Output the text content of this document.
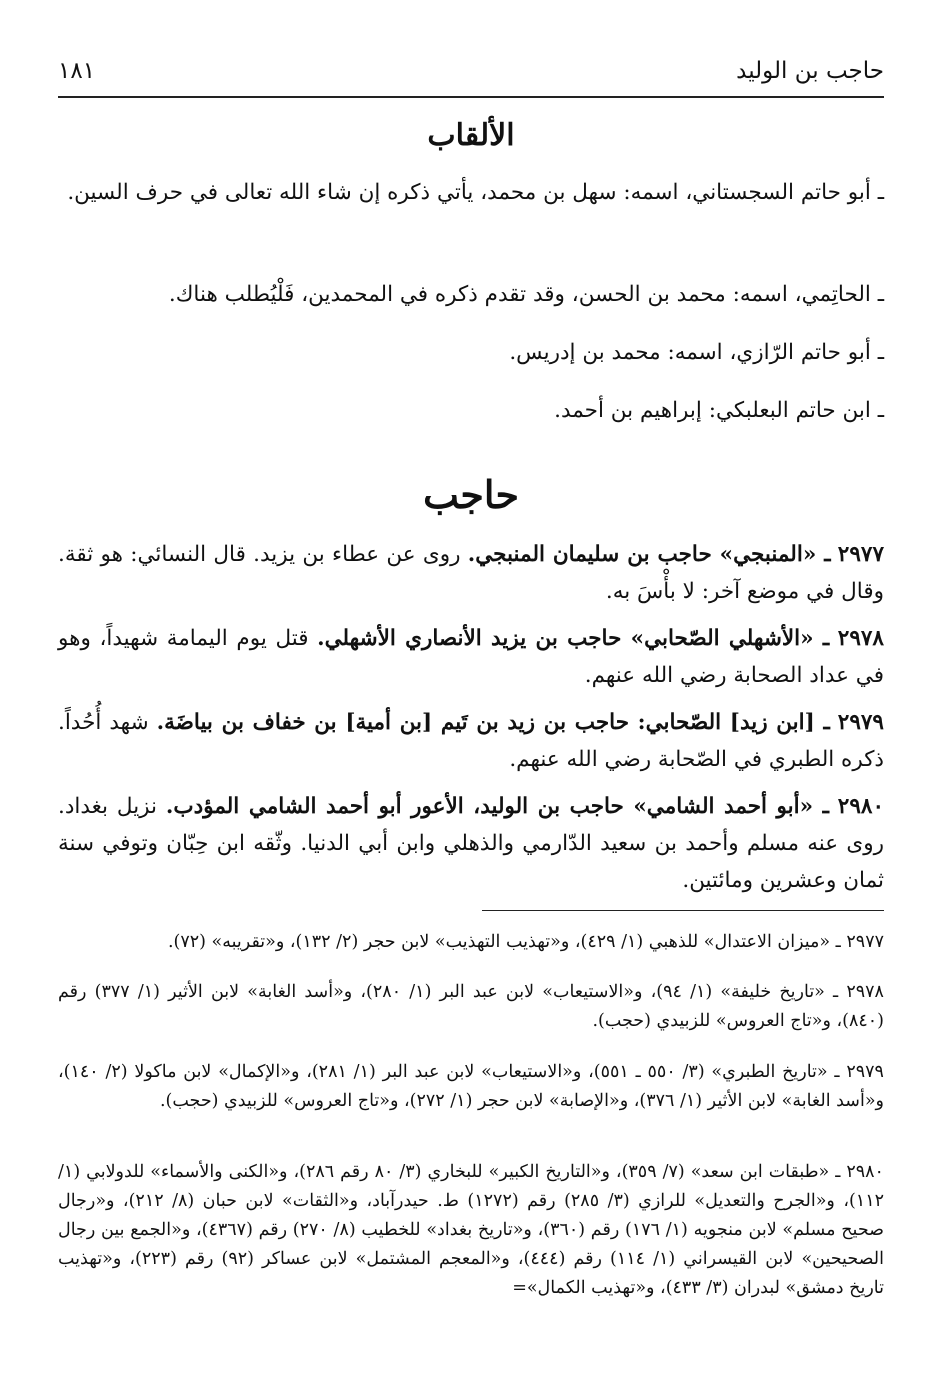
حاجب بن الوليد
١٨١
الألقاب
ـ أبو حاتم السجستاني، اسمه: سهل بن محمد، يأتي ذكره إن شاء الله تعالى في حرف السين.
ـ الحاتِمي، اسمه: محمد بن الحسن، وقد تقدم ذكره في المحمدين، فَلْيُطلب هناك.
ـ أبو حاتم الرّازي، اسمه: محمد بن إدريس.
ـ ابن حاتم البعلبكي: إبراهيم بن أحمد.
حاجب
٢٩٧٧ ـ «المنبجي» حاجب بن سليمان المنبجي. روى عن عطاء بن يزيد. قال النسائي: هو ثقة. وقال في موضع آخر: لا بأْسَ به.
٢٩٧٨ ـ «الأشهلي الصّحابي» حاجب بن يزيد الأنصاري الأشهلي. قتل يوم اليمامة شهيداً، وهو في عداد الصحابة رضي الله عنهم.
٢٩٧٩ ـ [ابن زيد] الصّحابي: حاجب بن زيد بن تَيم [بن أمية] بن خفاف بن بياضَة. شهد أُحُداً. ذكره الطبري في الصّحابة رضي الله عنهم.
٢٩٨٠ ـ «أبو أحمد الشامي» حاجب بن الوليد، الأعور أبو أحمد الشامي المؤدب. نزيل بغداد. روى عنه مسلم وأحمد بن سعيد الدّارمي والذهلي وابن أبي الدنيا. وثّقه ابن حِبّان وتوفي سنة ثمان وعشرين ومائتين.
٢٩٧٧ ـ «ميزان الاعتدال» للذهبي (١/ ٤٢٩)، و«تهذيب التهذيب» لابن حجر (٢/ ١٣٢)، و«تقريبه» (٧٢).
٢٩٧٨ ـ «تاريخ خليفة» (١/ ٩٤)، و«الاستيعاب» لابن عبد البر (١/ ٢٨٠)، و«أسد الغابة» لابن الأثير (١/ ٣٧٧) رقم (٨٤٠)، و«تاج العروس» للزبيدي (حجب).
٢٩٧٩ ـ «تاريخ الطبري» (٣/ ٥٥٠ ـ ٥٥١)، و«الاستيعاب» لابن عبد البر (١/ ٢٨١)، و«الإكمال» لابن ماكولا (٢/ ١٤٠)، و«أسد الغابة» لابن الأثير (١/ ٣٧٦)، و«الإصابة» لابن حجر (١/ ٢٧٢)، و«تاج العروس» للزبيدي (حجب).
٢٩٨٠ ـ «طبقات ابن سعد» (٧/ ٣٥٩)، و«التاريخ الكبير» للبخاري (٣/ ٨٠ رقم ٢٨٦)، و«الكنى والأسماء» للدولابي (١/ ١١٢)، و«الجرح والتعديل» للرازي (٣/ ٢٨٥) رقم (١٢٧٢) ط. حيدرآباد، و«الثقات» لابن حبان (٨/ ٢١٢)، و«رجال صحيح مسلم» لابن منجويه (١/ ١٧٦) رقم (٣٦٠)، و«تاريخ بغداد» للخطيب (٨/ ٢٧٠) رقم (٤٣٦٧)، و«الجمع بين رجال الصحيحين» لابن القيسراني (١/ ١١٤) رقم (٤٤٤)، و«المعجم المشتمل» لابن عساكر (٩٢) رقم (٢٢٣)، و«تهذيب تاريخ دمشق» لبدران (٣/ ٤٣٣)، و«تهذيب الكمال»=
